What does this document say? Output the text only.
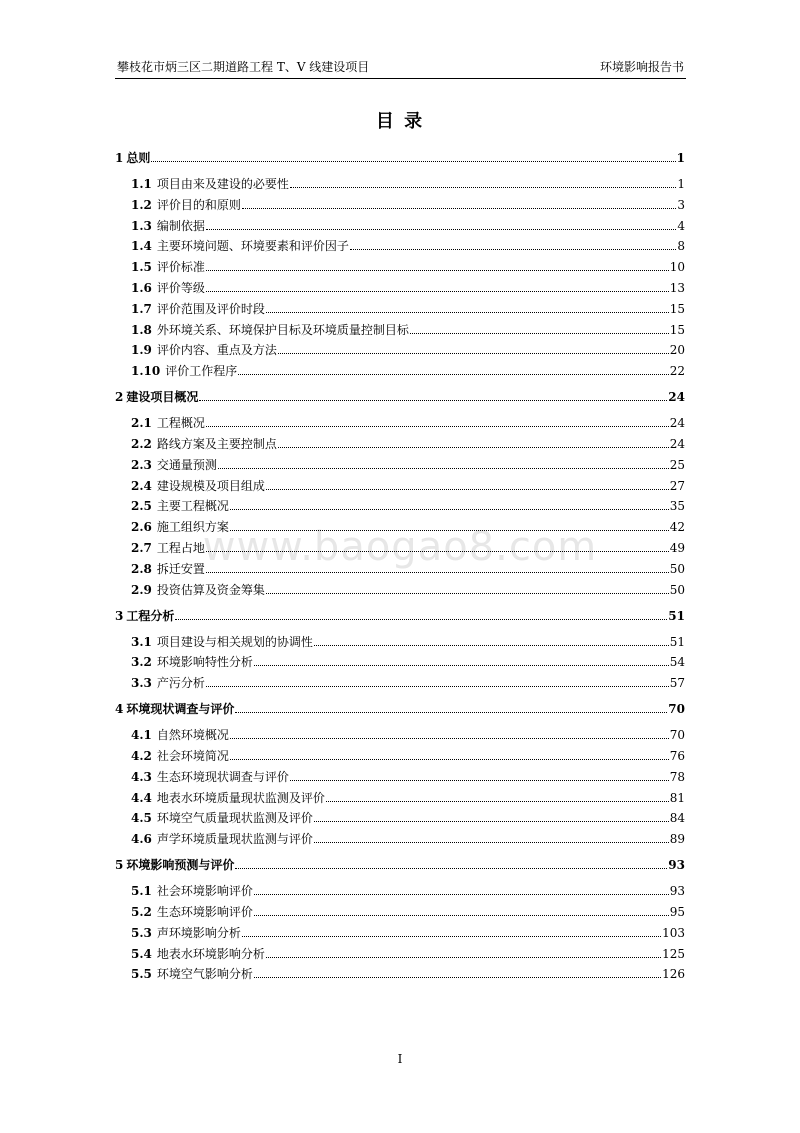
攀枝花市炳三区二期道路工程 T、V 线建设项目	环境影响报告书
目 录
www.baogao8.com
1 总则	1
1.1 项目由来及建设的必要性	1
1.2 评价目的和原则	3
1.3 编制依据	4
1.4 主要环境问题、环境要素和评价因子	8
1.5 评价标准	10
1.6 评价等级	13
1.7 评价范围及评价时段	15
1.8 外环境关系、环境保护目标及环境质量控制目标	15
1.9 评价内容、重点及方法	20
1.10 评价工作程序	22
2 建设项目概况	24
2.1 工程概况	24
2.2 路线方案及主要控制点	24
2.3 交通量预测	25
2.4 建设规模及项目组成	27
2.5 主要工程概况	35
2.6 施工组织方案	42
2.7 工程占地	49
2.8 拆迁安置	50
2.9 投资估算及资金筹集	50
3 工程分析	51
3.1 项目建设与相关规划的协调性	51
3.2 环境影响特性分析	54
3.3 产污分析	57
4 环境现状调查与评价	70
4.1 自然环境概况	70
4.2 社会环境简况	76
4.3 生态环境现状调查与评价	78
4.4 地表水环境质量现状监测及评价	81
4.5 环境空气质量现状监测及评价	84
4.6 声学环境质量现状监测与评价	89
5 环境影响预测与评价	93
5.1 社会环境影响评价	93
5.2 生态环境影响评价	95
5.3 声环境影响分析	103
5.4 地表水环境影响分析	125
5.5 环境空气影响分析	126
I
